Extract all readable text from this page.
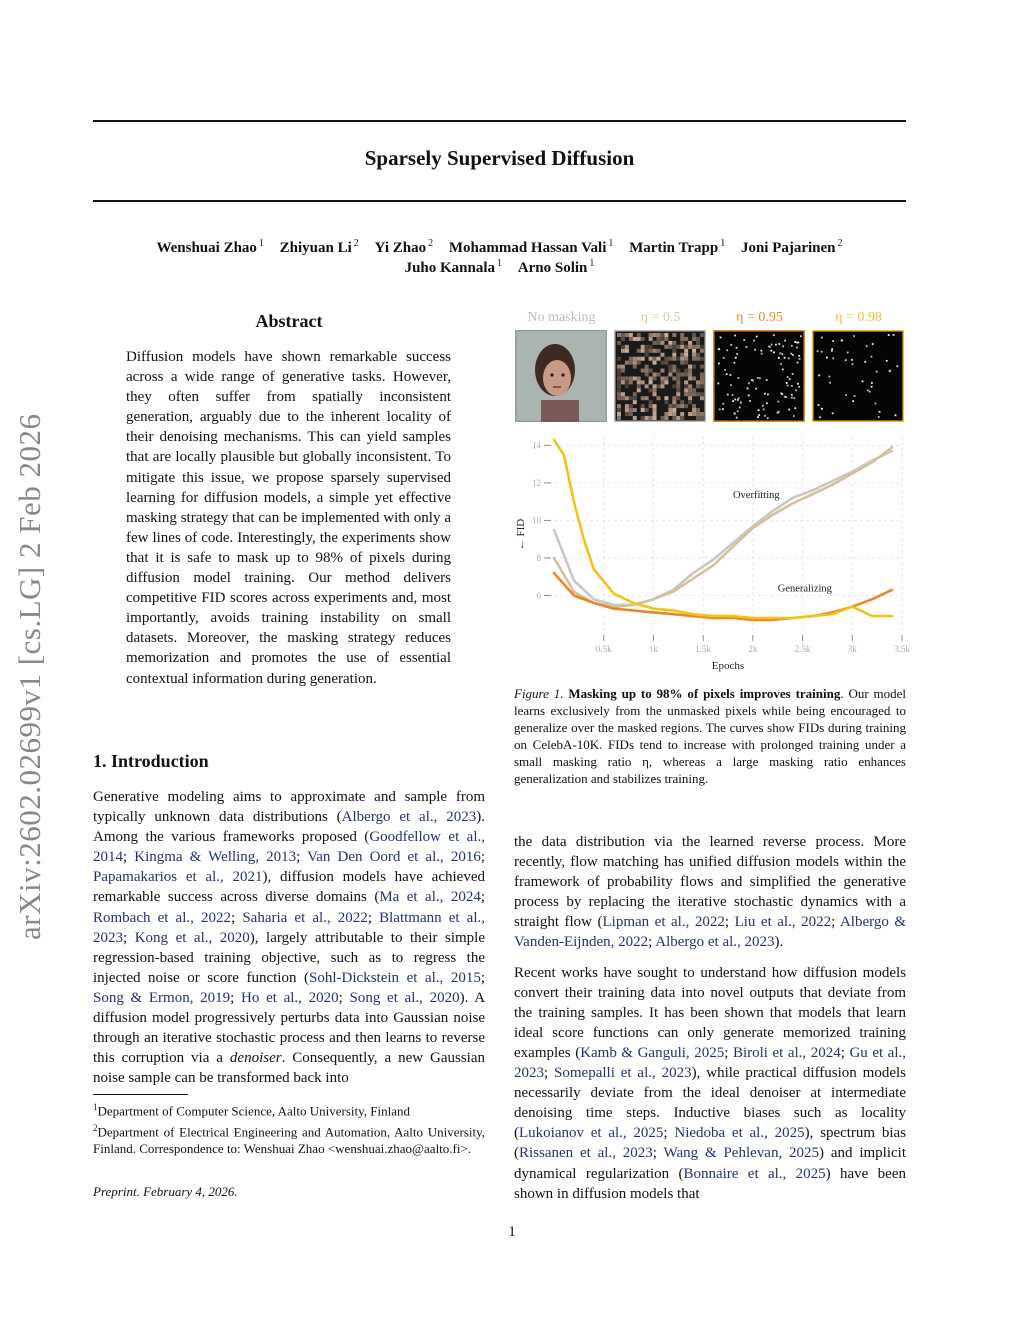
arXiv:2602.02699v1 [cs.LG] 2 Feb 2026
Sparsely Supervised Diffusion
Wenshuai Zhao $^1$ Zhiyuan Li $^2$ Yi Zhao $^2$ Mohammad Hassan Vali $^1$ Martin Trapp $^1$ Joni Pajarinen $^2$
Juho Kannala $^1$ Arno Solin $^1$
Abstract
Diffusion models have shown remarkable success across a wide range of generative tasks. However, they often suffer from spatially inconsistent generation, arguably due to the inherent locality of their denoising mechanisms. This can yield samples that are locally plausible but globally inconsistent. To mitigate this issue, we propose sparsely supervised learning for diffusion models, a simple yet effective masking strategy that can be implemented with only a few lines of code. Interestingly, the experiments show that it is safe to mask up to 98% of pixels during diffusion model training. Our method delivers competitive FID scores across experiments and, most importantly, avoids training instability on small datasets. Moreover, the masking strategy reduces memorization and promotes the use of essential contextual information during generation.
1. Introduction

Generative modeling aims to approximate and sample from typically unknown data distributions (Albergo et al., 2023). Among the various frameworks proposed (Goodfellow et al., 2014; Kingma & Welling, 2013; Van Den Oord et al., 2016; Papamakarios et al., 2021), diffusion models have achieved remarkable success across diverse domains (Ma et al., 2024; Rombach et al., 2022; Saharia et al., 2022; Blattmann et al., 2023; Kong et al., 2020), largely attributable to their simple regression-based training objective, such as to regress the injected noise or score function (Sohl-Dickstein et al., 2015; Song & Ermon, 2019; Ho et al., 2020; Song et al., 2020). A diffusion model progressively perturbs data into Gaussian noise through an iterative stochastic process and then learns to reverse this corruption via a denoiser. Consequently, a new Gaussian noise sample can be transformed back into

$^1$Department of Computer Science, Aalto University, Finland

$^2$Department of Electrical Engineering and Automation, Aalto University, Finland. Correspondence to: Wenshuai Zhao <wenshuai.zhao@aalto.fi>.

Preprint. February 4, 2026.
No masking	η = 0.5	η = 0.95	η = 0.98
0.5k	1k	1.5k	2k	2.5k	3k	3.5k
6
8
10
12
14
Overfitting
Generalizing
Epochs
← FID
Figure 1. Masking up to 98% of pixels improves training. Our model learns exclusively from the unmasked pixels while being encouraged to generalize over the masked regions. The curves show FIDs during training on CelebA-10K. FIDs tend to increase with prolonged training under a small masking ratio η, whereas a large masking ratio enhances generalization and stabilizes training.

the data distribution via the learned reverse process. More recently, flow matching has unified diffusion models within the framework of probability flows and simplified the generative process by replacing the iterative stochastic dynamics with a straight flow (Lipman et al., 2022; Liu et al., 2022; Albergo & Vanden-Eijnden, 2022; Albergo et al., 2023).

Recent works have sought to understand how diffusion models convert their training data into novel outputs that deviate from the training samples. It has been shown that models that learn ideal score functions can only generate memorized training examples (Kamb & Ganguli, 2025; Biroli et al., 2024; Gu et al., 2023; Somepalli et al., 2023), while practical diffusion models necessarily deviate from the ideal denoiser at intermediate denoising time steps. Inductive biases such as locality (Lukoianov et al., 2025; Niedoba et al., 2025), spectrum bias (Rissanen et al., 2023; Wang & Pehlevan, 2025) and implicit dynamical regularization (Bonnaire et al., 2025) have been shown in diffusion models that

1
